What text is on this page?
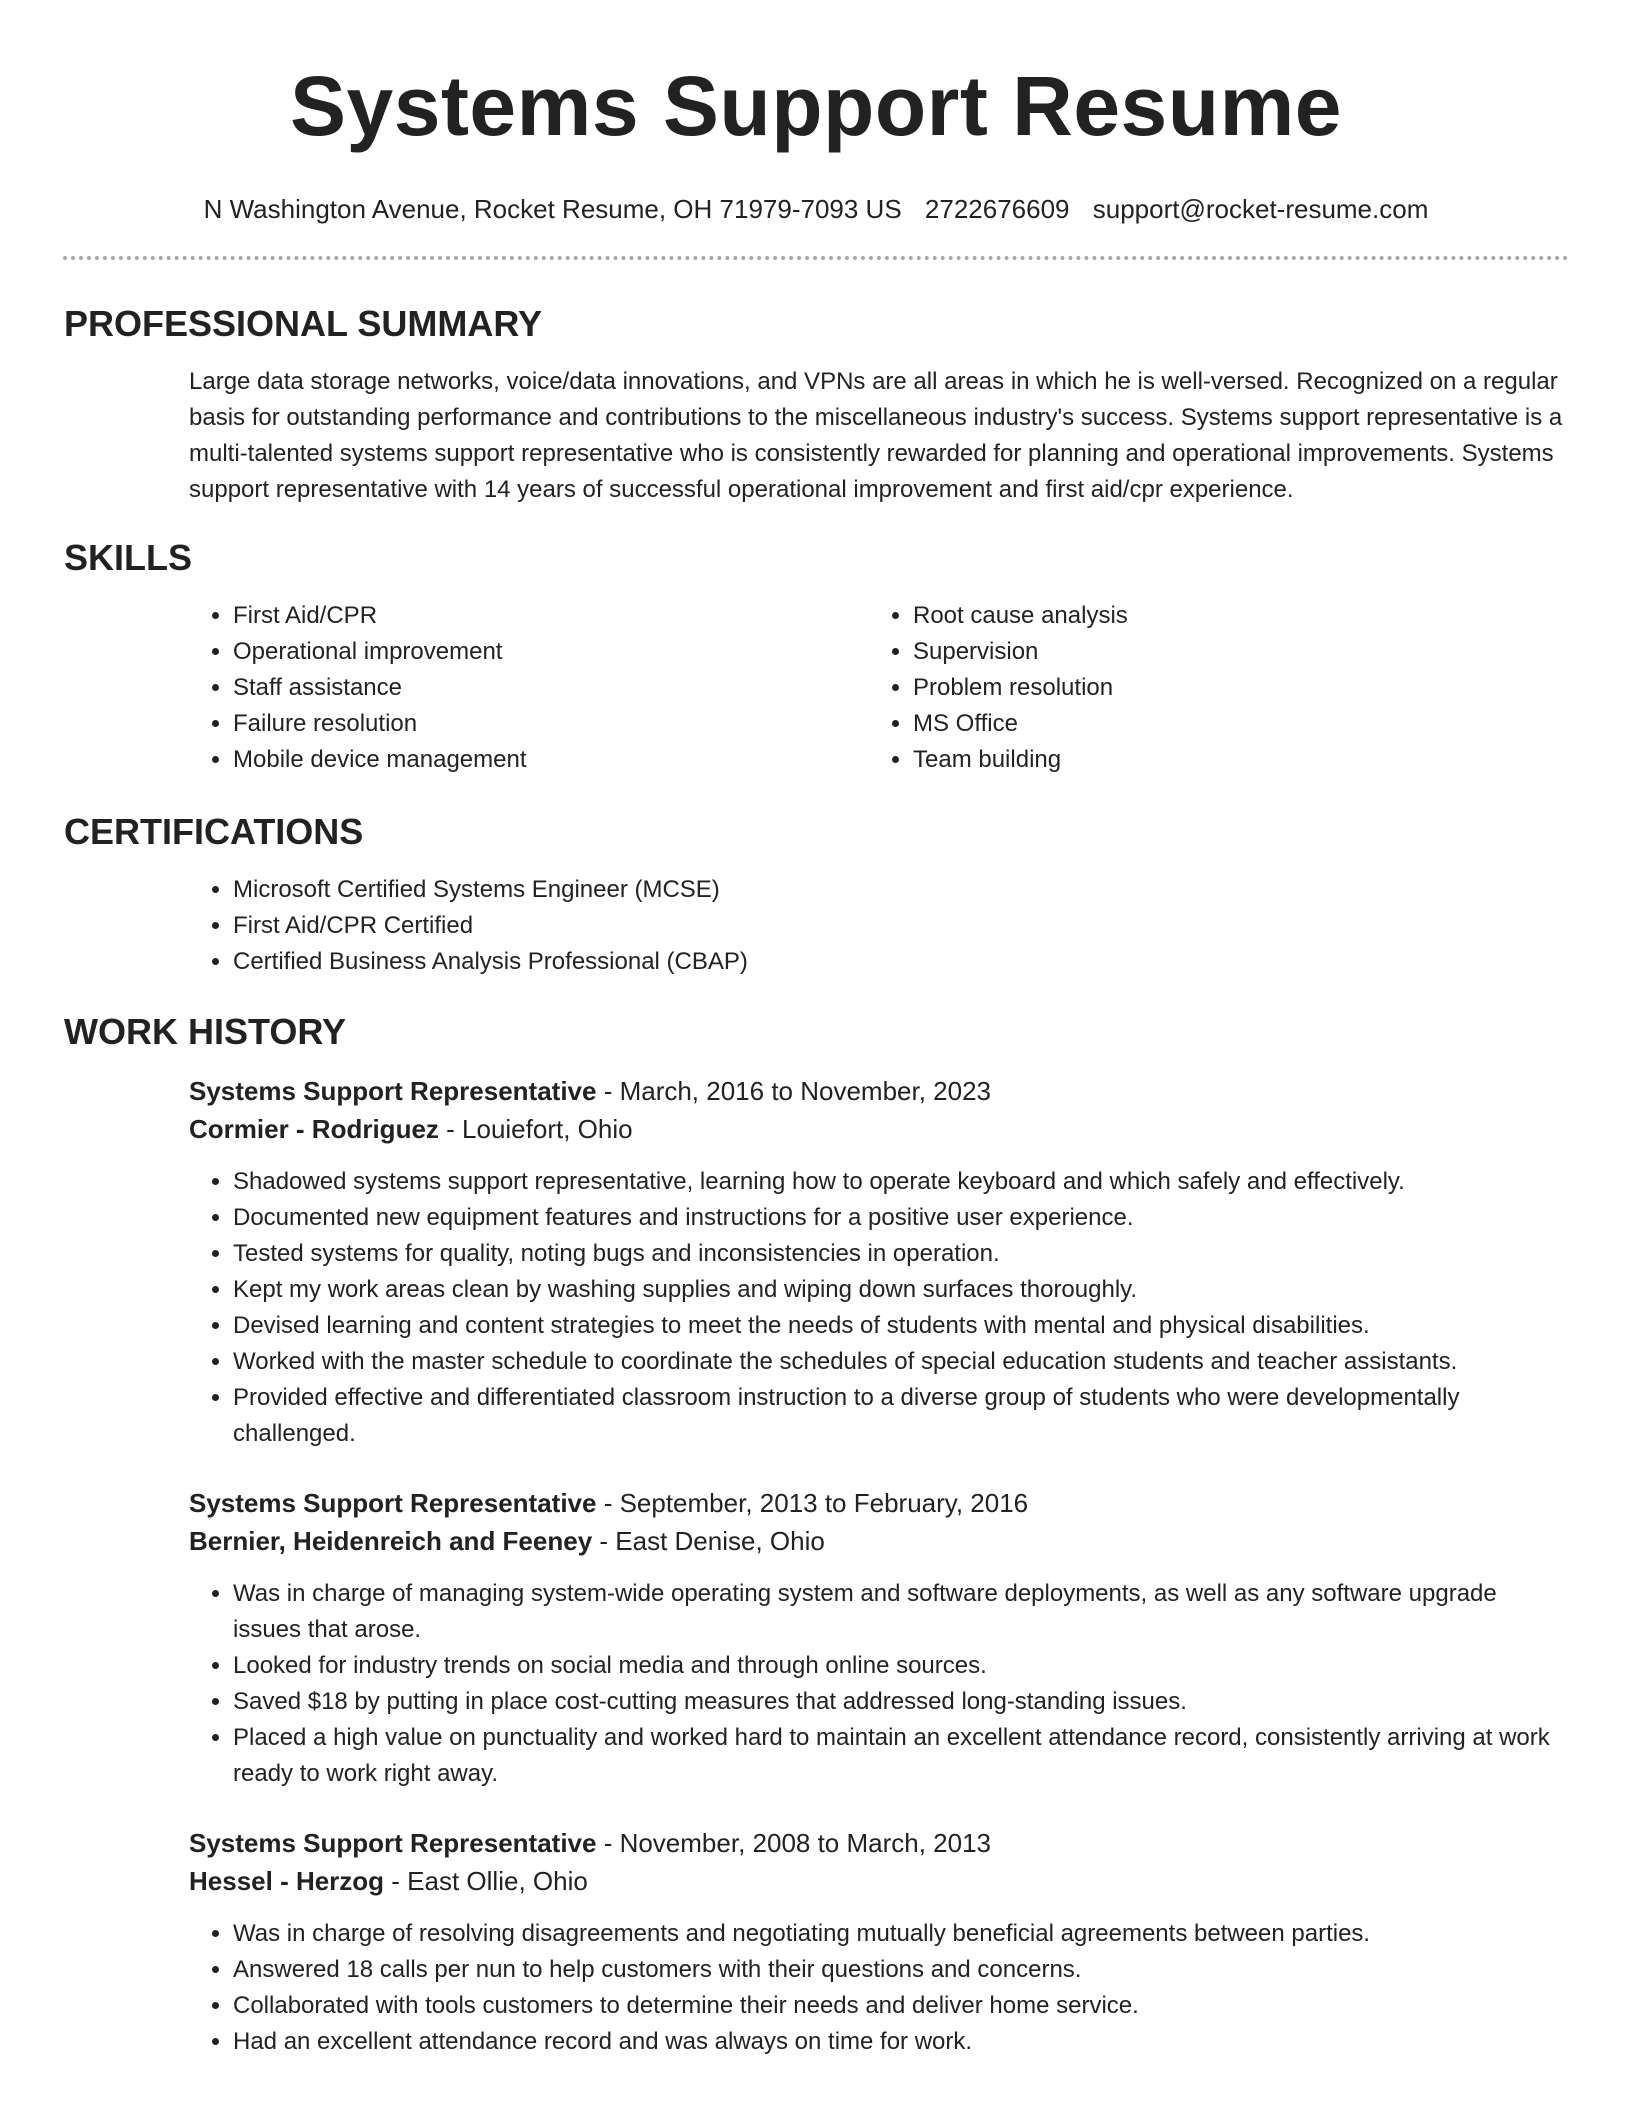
Systems Support Resume
N Washington Avenue, Rocket Resume, OH 71979-7093 US 2722676609 support@rocket-resume.com
PROFESSIONAL SUMMARY

Large data storage networks, voice/data innovations, and VPNs are all areas in which he is well-versed. Recognized on a regular basis for outstanding performance and contributions to the miscellaneous industry's success. Systems support representative is a multi-talented systems support representative who is consistently rewarded for planning and operational improvements. Systems support representative with 14 years of successful operational improvement and first aid/cpr experience.

SKILLS
• First Aid/CPR
• Operational improvement
• Staff assistance
• Failure resolution
• Mobile device management
• Root cause analysis
• Supervision
• Problem resolution
• MS Office
• Team building
CERTIFICATIONS
• Microsoft Certified Systems Engineer (MCSE)
• First Aid/CPR Certified
• Certified Business Analysis Professional (CBAP)
WORK HISTORY
Systems Support Representative - March, 2016 to November, 2023
Cormier - Rodriguez - Louiefort, Ohio
• Shadowed systems support representative, learning how to operate keyboard and which safely and effectively.
• Documented new equipment features and instructions for a positive user experience.
• Tested systems for quality, noting bugs and inconsistencies in operation.
• Kept my work areas clean by washing supplies and wiping down surfaces thoroughly.
• Devised learning and content strategies to meet the needs of students with mental and physical disabilities.
• Worked with the master schedule to coordinate the schedules of special education students and teacher assistants.
• Provided effective and differentiated classroom instruction to a diverse group of students who were developmentally challenged.
Systems Support Representative - September, 2013 to February, 2016
Bernier, Heidenreich and Feeney - East Denise, Ohio
• Was in charge of managing system-wide operating system and software deployments, as well as any software upgrade issues that arose.
• Looked for industry trends on social media and through online sources.
• Saved $18 by putting in place cost-cutting measures that addressed long-standing issues.
• Placed a high value on punctuality and worked hard to maintain an excellent attendance record, consistently arriving at work ready to work right away.
Systems Support Representative - November, 2008 to March, 2013
Hessel - Herzog - East Ollie, Ohio
• Was in charge of resolving disagreements and negotiating mutually beneficial agreements between parties.
• Answered 18 calls per nun to help customers with their questions and concerns.
• Collaborated with tools customers to determine their needs and deliver home service.
• Had an excellent attendance record and was always on time for work.
